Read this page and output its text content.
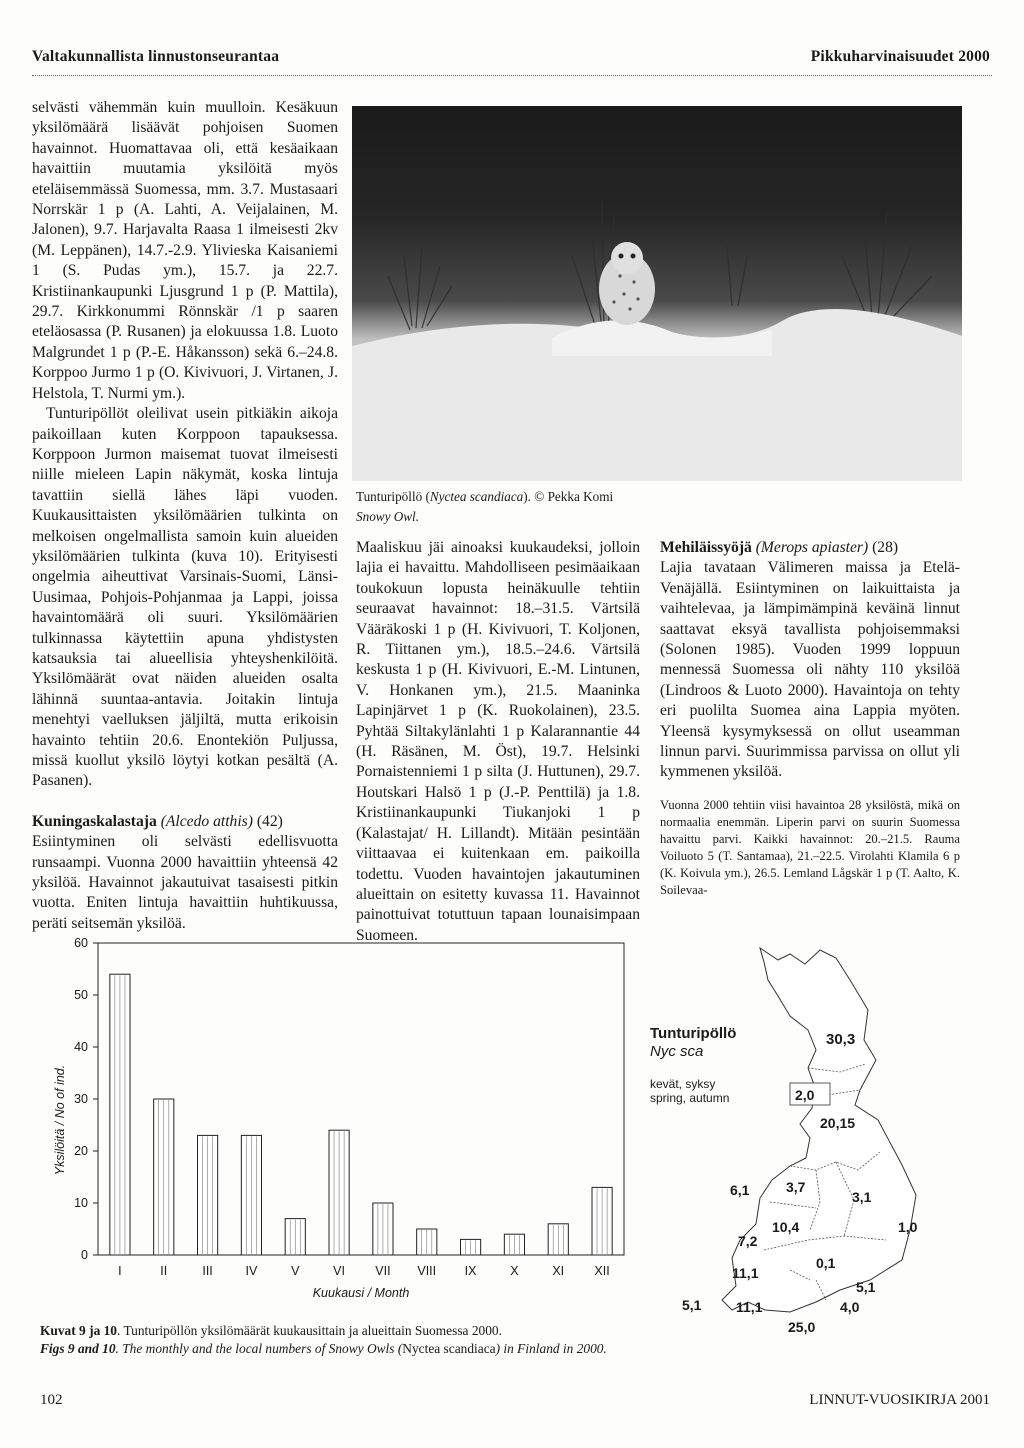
Valtakunnallista linnustonseurantaa	Pikkuharvinaisuudet 2000

selvästi vähemmän kuin muulloin. Kesäkuun yksilömäärä lisäävät pohjoisen Suomen havainnot. Huomattavaa oli, että kesäaikaan havaittiin muutamia yksilöitä myös eteläisemmässä Suomessa, mm. 3.7. Mustasaari Norrskär 1 p (A. Lahti, A. Veijalainen, M. Jalonen), 9.7. Harjavalta Raasa 1 ilmeisesti 2kv (M. Leppänen), 14.7.-2.9. Ylivieska Kaisaniemi 1 (S. Pudas ym.), 15.7. ja 22.7. Kristiinankaupunki Ljusgrund 1 p (P. Mattila), 29.7. Kirkkonummi Rönnskär /1 p saaren eteläosassa (P. Rusanen) ja elokuussa 1.8. Luoto Malgrundet 1 p (P.-E. Håkansson) sekä 6.–24.8. Korppoo Jurmo 1 p (O. Kivivuori, J. Virtanen, J. Helstola, T. Nurmi ym.).

Tunturipöllöt oleilivat usein pitkiäkin aikoja paikoillaan kuten Korppoon tapauksessa. Korppoon Jurmon maisemat tuovat ilmeisesti niille mieleen Lapin näkymät, koska lintuja tavattiin siellä lähes läpi vuoden. Kuukausittaisten yksilömäärien tulkinta on melkoisen ongelmallista samoin kuin alueiden yksilömäärien tulkinta (kuva 10). Erityisesti ongelmia aiheuttivat Varsinais-Suomi, Länsi-Uusimaa, Pohjois-Pohjanmaa ja Lappi, joissa havaintomäärä oli suuri. Yksilömäärien tulkinnassa käytettiin apuna yhdistysten katsauksia tai alueellisia yhteyshenkilöitä. Yksilömäärät ovat näiden alueiden osalta lähinnä suuntaa-antavia. Joitakin lintuja menehtyi vaelluksen jäljiltä, mutta erikoisin havainto tehtiin 20.6. Enontekiön Puljussa, missä kuollut yksilö löytyi kotkan pesältä (A. Pasanen).

Kuningaskalastaja (Alcedo atthis) (42)

Esiintyminen oli selvästi edellisvuotta runsaampi. Vuonna 2000 havaittiin yhteensä 42 yksilöä. Havainnot jakautuivat tasaisesti pitkin vuotta. Eniten lintuja havaittiin huhtikuussa, peräti seitsemän yksilöä.

Tunturipöllö (Nyctea scandiaca). © Pekka Komi
Snowy Owl.

Maaliskuu jäi ainoaksi kuukaudeksi, jolloin lajia ei havaittu. Mahdolliseen pesimäaikaan toukokuun lopusta heinäkuulle tehtiin seuraavat havainnot: 18.–31.5. Värtsilä Vääräkoski 1 p (H. Kivivuori, T. Koljonen, R. Tiittanen ym.), 18.5.–24.6. Värtsilä keskusta 1 p (H. Kivivuori, E.-M. Lintunen, V. Honkanen ym.), 21.5. Maaninka Lapinjärvet 1 p (K. Ruokolainen), 23.5. Pyhtää Siltakylänlahti 1 p Kalarannantie 44 (H. Räsänen, M. Öst), 19.7. Helsinki Pornaistenniemi 1 p silta (J. Huttunen), 29.7. Houtskari Halsö 1 p (J.-P. Penttilä) ja 1.8. Kristiinankaupunki Tiukanjoki 1 p (Kalastajat/ H. Lillandt). Mitään pesintään viittaavaa ei kuitenkaan em. paikoilla todettu. Vuoden havaintojen jakautuminen alueittain on esitetty kuvassa 11. Havainnot painottuivat totuttuun tapaan lounaisimpaan Suomeen.

Mehiläissyöjä (Merops apiaster) (28)

Lajia tavataan Välimeren maissa ja Etelä-Venäjällä. Esiintyminen on laikuittaista ja vaihtelevaa, ja lämpimämpinä keväinä linnut saattavat eksyä tavallista pohjoisemmaksi (Solonen 1985). Vuoden 1999 loppuun mennessä Suomessa oli nähty 110 yksilöä (Lindroos & Luoto 2000). Havaintoja on tehty eri puolilta Suomea aina Lappia myöten. Yleensä kysymyksessä on ollut useamman linnun parvi. Suurimmissa parvissa on ollut yli kymmenen yksilöä.

Vuonna 2000 tehtiin viisi havaintoa 28 yksilöstä, mikä on normaalia enemmän. Liperin parvi on suurin Suomessa havaittu parvi. Kaikki havainnot: 20.–21.5. Rauma Voiluoto 5 (T. Santamaa), 21.–22.5. Virolahti Klamila 6 p (K. Koivula ym.), 26.5. Lemland Lågskär 1 p (T. Aalto, K. Soilevaa-
0
10
20
30
40
50
60
I	II	III	IV	V	VI VII VIII IX	X	XI XII
Yksilöitä / No of ind.
Kuukausi / Month
Tunturipöllö
Nyc sca
kevät, syksy
spring, autumn
30,3
2,0
20,15
6,1	3,7
3,1
1,0
10,4
7,2
11,1
0,1
5,1
4,0
5,1 11,1
25,0
Kuvat 9 ja 10. Tunturipöllön yksilömäärät kuukausittain ja alueittain Suomessa 2000.
Figs 9 and 10. The monthly and the local numbers of Snowy Owls (Nyctea scandiaca) in Finland in 2000.
102	LINNUT-VUOSIKIRJA 2001
